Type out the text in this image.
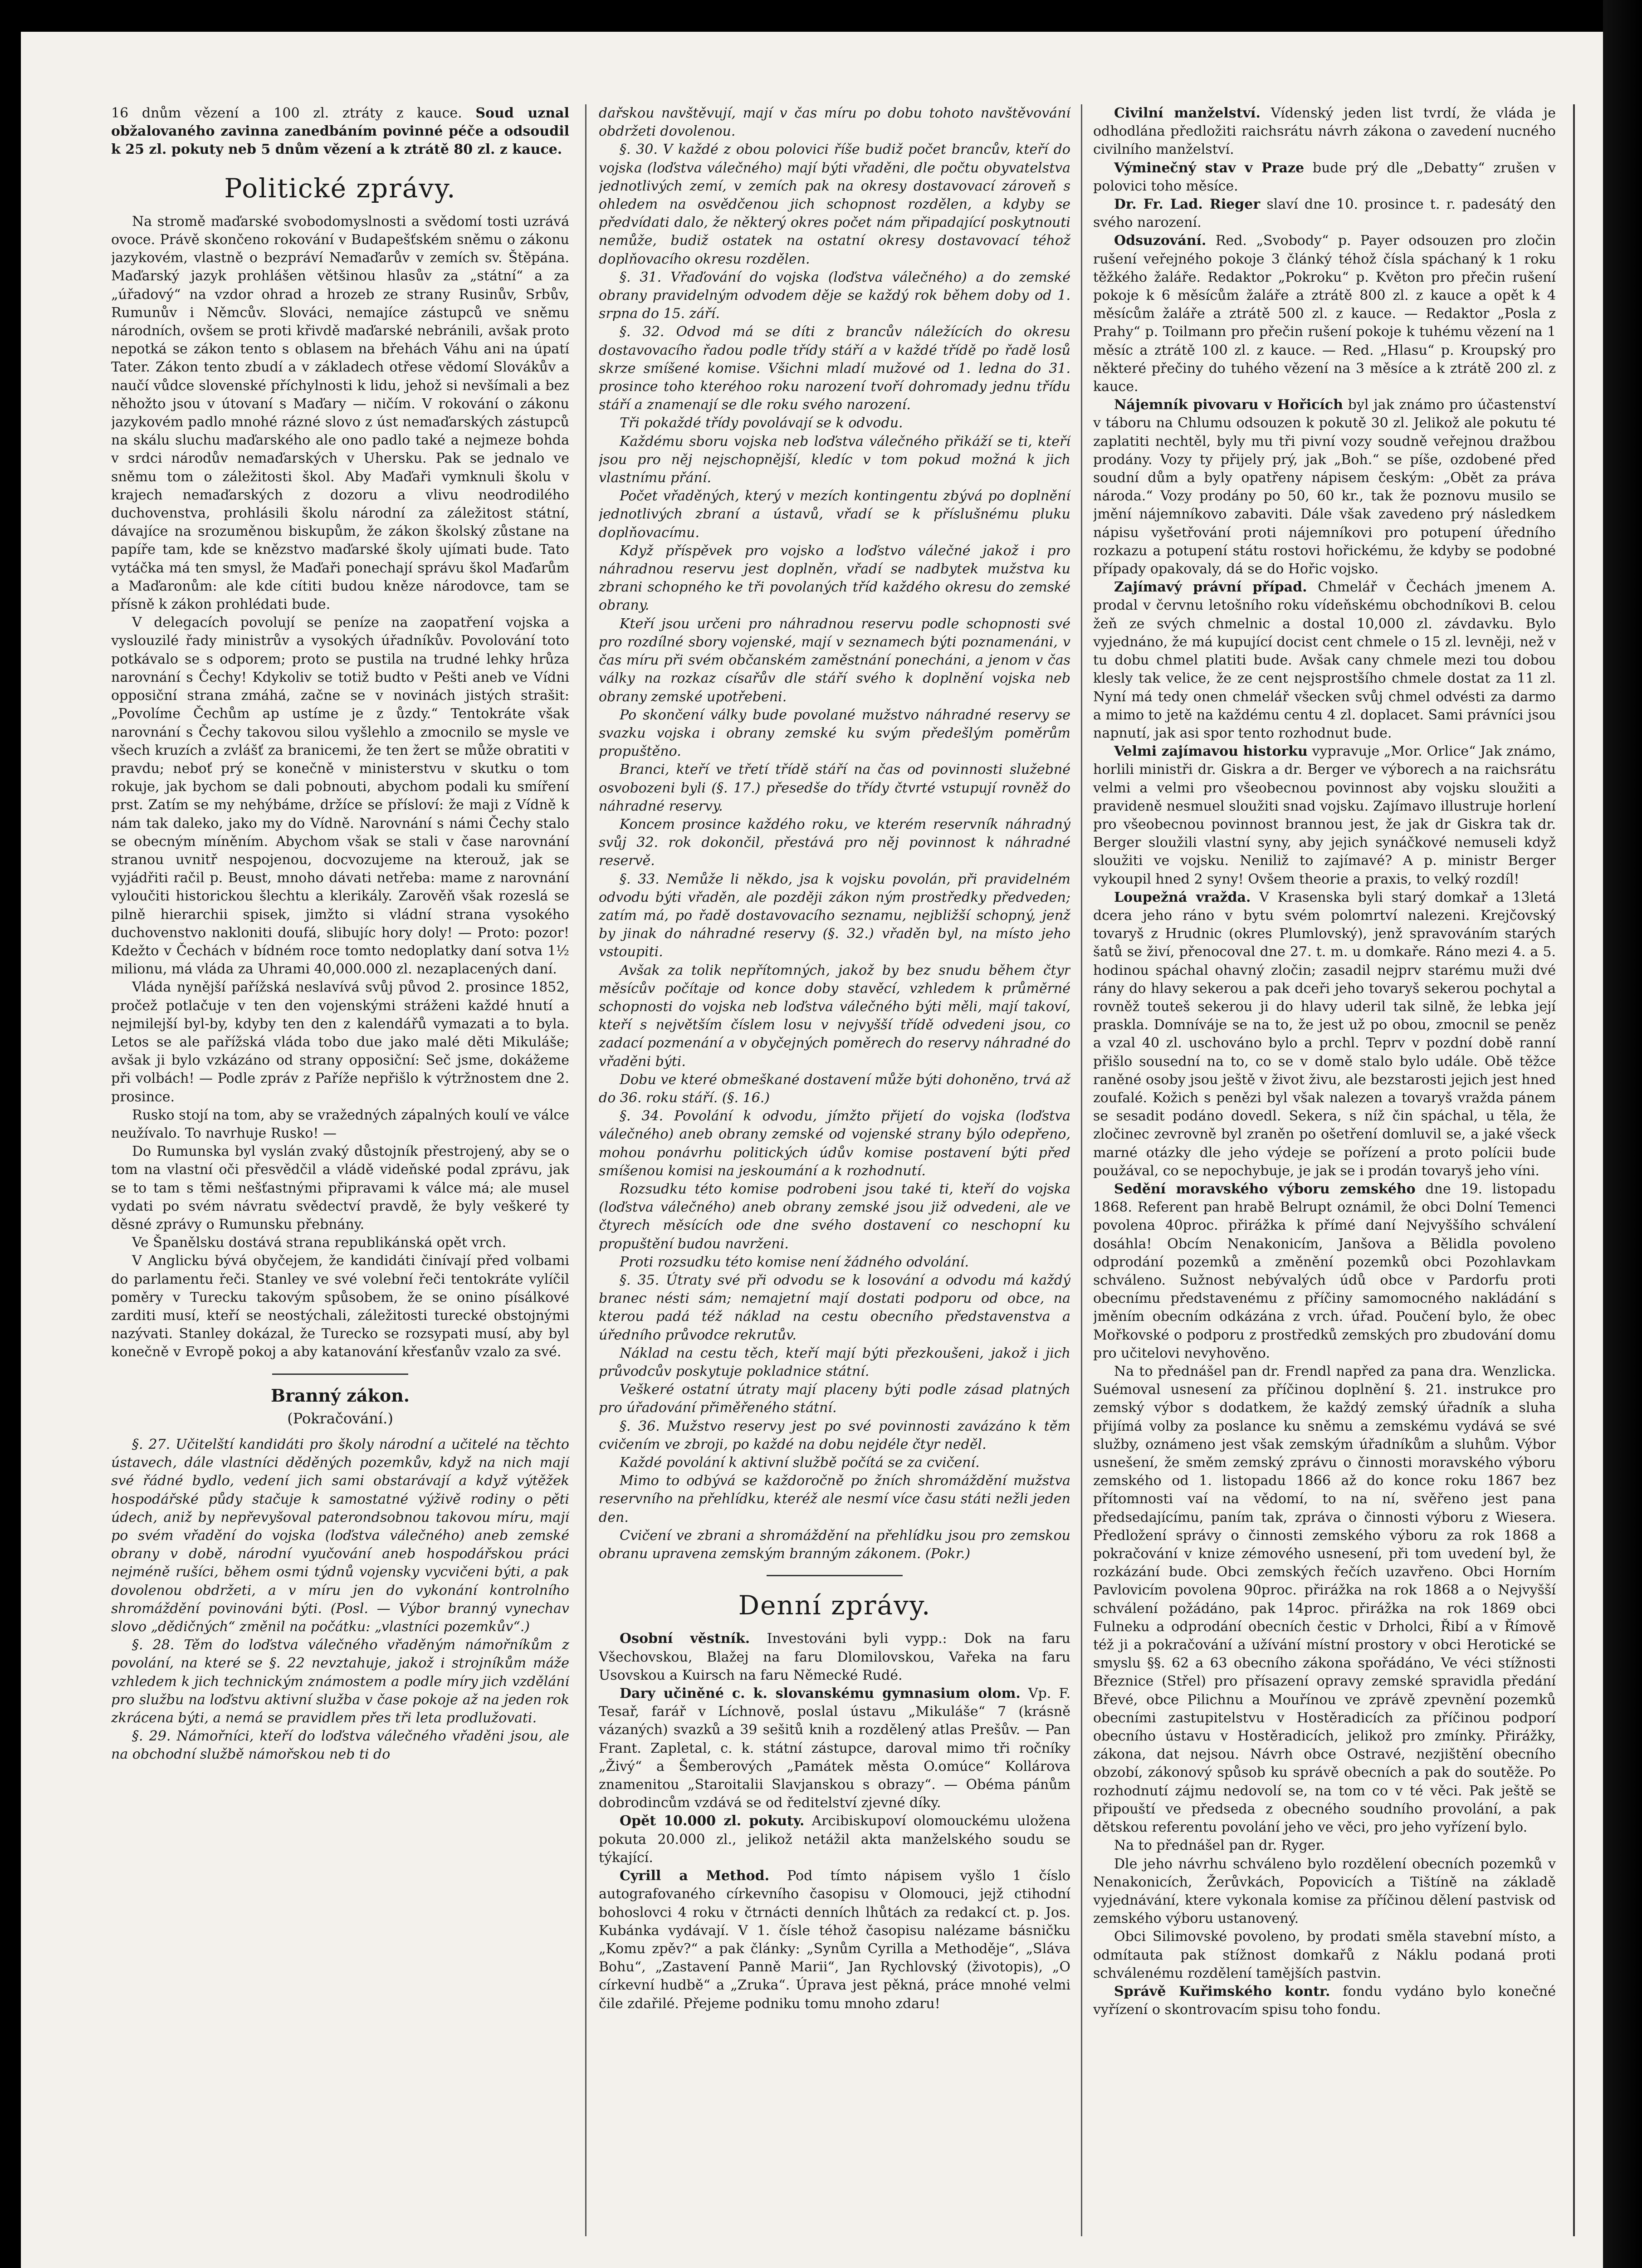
16 dnům vězení a 100 zl. ztráty z kauce. Soud uznal obžalovaného zavinna zanedbáním povinné péče a odsoudil k 25 zl. pokuty neb 5 dnům vězení a k ztrátě 80 zl. z kauce.

Politické zprávy.

Na stromě maďarské svobodomyslnosti a svědomí tosti uzrává ovoce. Právě skončeno rokování v Budapešťském sněmu o zákonu jazykovém, vlastně o bezpráví Nemaďarův v zemích sv. Štěpána. Maďarský jazyk prohlášen většinou hlasův za „státní“ a za „úřadový“ na vzdor ohrad a hrozeb ze strany Rusinův, Srbův, Rumunův i Němcův. Slováci, nemajíce zástupců ve sněmu národních, ovšem se proti křivdě maďarské nebránili, avšak proto nepotká se zákon tento s oblasem na břehách Váhu ani na úpatí Tater. Zákon tento zbudí a v základech otřese vědomí Slovákův a naučí vůdce slovenské příchylnosti k lidu, jehož si nevšímali a bez něhožto jsou v útovaní s Maďary — ničím. V rokování o zákonu jazykovém padlo mnohé rázné slovo z úst nemaďarských zástupců na skálu sluchu maďarského ale ono padlo také a nejmeze bohda v srdci národův nemaďarských v Uhersku. Pak se jednalo ve sněmu tom o záležitosti škol. Aby Maďaři vymknuli školu v krajech nemaďarských z dozoru a vlivu neodrodilého duchovenstva, prohlásili školu národní za záležitost státní, dávajíce na srozuměnou biskupům, že zákon školský zůstane na papíře tam, kde se knězstvo maďarské školy ujímati bude. Tato vytáčka má ten smysl, že Maďaři ponechají správu škol Maďarům a Maďaronům: ale kde cítiti budou kněze národovce, tam se přísně k zákon prohlédati bude.

V delegacích povolují se peníze na zaopatření vojska a vyslouzilé řady ministrův a vysokých úřadníkův. Povolování toto potkávalo se s odporem; proto se pustila na trudné lehky hrůza narovnání s Čechy! Kdykoliv se totiž budto v Pešti aneb ve Vídni opposiční strana zmáhá, začne se v novinách jistých strašit: „Povolíme Čechům ap ustíme je z ůzdy.“ Tentokráte však narovnání s Čechy takovou silou vyšlehlo a zmocnilo se mysle ve všech kruzích a zvlášť za branicemi, že ten žert se může obratiti v pravdu; neboť prý se konečně v ministerstvu v skutku o tom rokuje, jak bychom se dali pobnouti, abychom podali ku smíření prst. Zatím se my nehýbáme, držíce se přísloví: že maji z Vídně k nám tak daleko, jako my do Vídně. Narovnání s námi Čechy stalo se obecným míněním. Abychom však se stali v čase narovnání stranou uvnitř nespojenou, docvozujeme na kterouž, jak se vyjádřiti račil p. Beust, mnoho dávati netřeba: mame z narovnání vyloučiti historickou šlechtu a klerikály. Zarověň však rozeslá se pilně hierarchii spisek, jimžto si vládní strana vysokého duchovenstvo nakloniti doufá, slibujíc hory doly! — Proto: pozor! Kdežto v Čechách v bídném roce tomto nedoplatky daní sotva 1½ milionu, má vláda za Uhrami 40,000.000 zl. nezaplacených daní.

Vláda nynější pařížská neslavívá svůj původ 2. prosince 1852, pročež potlačuje v ten den vojenskými stráženi každé hnutí a nejmilejší byl-by, kdyby ten den z kalendářů vymazati a to byla. Letos se ale pařížská vláda tobo due jako malé děti Mikuláše; avšak ji bylo vzkázáno od strany opposiční: Seč jsme, dokážeme při volbách! — Podle zpráv z Paříže nepřišlo k výtržnostem dne 2. prosince.

Rusko stojí na tom, aby se vražedných zápalných koulí ve válce neužívalo. To navrhuje Rusko! —

Do Rumunska byl vyslán zvaký důstojník přestrojený, aby se o tom na vlastní oči přesvědčil a vládě videňské podal zprávu, jak se to tam s těmi nešťastnými připravami k válce má; ale musel vydati po svém návratu svědectví pravdě, že byly veškeré ty děsné zprávy o Rumunsku přebnány.

Ve Španělsku dostává strana republikánská opět vrch.

V Anglicku bývá obyčejem, že kandidáti činívají před volbami do parlamentu řeči. Stanley ve své volební řeči tentokráte vylíčil poměry v Turecku takovým spůsobem, že se onino písálkové zarditi musí, kteří se neostýchali, záležitosti turecké obstojnými nazývati. Stanley dokázal, že Turecko se rozsypati musí, aby byl konečně v Evropě pokoj a aby katanování křesťanův vzalo za své.

Branný zákon.

(Pokračování.)

§. 27. Učitelští kandidáti pro školy národní a učitelé na těchto ústavech, dále vlastníci děděných pozemkův, když na nich mají své řádné bydlo, vedení jich sami obstarávají a když výtěžek hospodářské půdy stačuje k samostatné výživě rodiny o pěti údech, aniž by nepřevyšoval paterondsobnou takovou míru, mají po svém vřadění do vojska (loďstva válečného) aneb zemské obrany v době, národní vyučování aneb hospodářskou práci nejméně rušíci, během osmi týdnů vojensky vycvičeni býti, a pak dovolenou obdržeti, a v míru jen do vykonání kontrolního shromáždění povinováni býti. (Posl. — Výbor branný vynechav slovo „dědičných“ změnil na počátku: „vlastníci pozemkův“.)

§. 28. Těm do loďstva válečného vřaděným námořníkům z povolání, na které se §. 22 nevztahuje, jakož i strojníkům máže vzhledem k jich technickým známostem a podle míry jich vzdělání pro službu na loďstvu aktivní služba v čase pokoje až na jeden rok zkrácena býti, a nemá se pravidlem přes tři leta prodlužovati.

§. 29. Námořníci, kteří do loďstva válečného vřaděni jsou, ale na obchodní službě námořskou neb ti do

dařskou navštěvují, mají v čas míru po dobu tohoto navštěvování obdržeti dovolenou.

§. 30. V každé z obou polovici říše budiž počet brancův, kteří do vojska (loďstva válečného) mají býti vřaděni, dle počtu obyvatelstva jednotlivých zemí, v zemích pak na okresy dostavovací zároveň s ohledem na osvědčenou jich schopnost rozdělen, a kdyby se předvídati dalo, že některý okres počet nám připadající poskytnouti nemůže, budiž ostatek na ostatní okresy dostavovací téhož doplňovacího okresu rozdělen.

§. 31. Vřaďování do vojska (loďstva válečného) a do zemské obrany pravidelným odvodem děje se každý rok během doby od 1. srpna do 15. září.

§. 32. Odvod má se díti z brancův náležících do okresu dostavovacího řadou podle třídy stáří a v každé třídě po řadě losů skrze smíšené komise. Všichni mladí mužové od 1. ledna do 31. prosince toho kteréhoo roku narození tvoří dohromady jednu třídu stáří a znamenají se dle roku svého narození.

Tři pokaždé třídy povolávají se k odvodu.

Každému sboru vojska neb loďstva válečného přikáží se ti, kteří jsou pro něj nejschopnější, kledíc v tom pokud možná k jich vlastnímu přání.

Počet vřaděných, který v mezích kontingentu zbývá po doplnění jednotlivých zbraní a ústavů, vřadí se k příslušnému pluku doplňovacímu.

Když příspěvek pro vojsko a loďstvo válečné jakož i pro náhradnou reservu jest doplněn, vřadí se nadbytek mužstva ku zbrani schopného ke tři povolaných tříd každého okresu do zemské obrany.

Kteří jsou určeni pro náhradnou reservu podle schopnosti své pro rozdílné sbory vojenské, mají v seznamech býti poznamenáni, v čas míru při svém občanském zaměstnání ponecháni, a jenom v čas války na rozkaz císařův dle stáří svého k doplnění vojska neb obrany zemské upotřebeni.

Po skončení války bude povolané mužstvo náhradné reservy se svazku vojska i obrany zemské ku svým předešlým poměrům propuštěno.

Branci, kteří ve třetí třídě stáří na čas od povinnosti služebné osvobozeni byli (§. 17.) přesedše do třídy čtvrté vstupují rovněž do náhradné reservy.

Koncem prosince každého roku, ve kterém reservník náhradný svůj 32. rok dokončil, přestává pro něj povinnost k náhradné reservě.

§. 33. Nemůže li někdo, jsa k vojsku povolán, při pravidelném odvodu býti vřaděn, ale později zákon ným prostředky předveden; zatím má, po řadě dostavovacího seznamu, nejbližší schopný, jenž by jinak do náhradné reservy (§. 32.) vřaděn byl, na místo jeho vstoupiti.

Avšak za tolik nepřítomných, jakož by bez snudu během čtyr měsícův počítaje od konce doby stavěcí, vzhledem k průměrné schopnosti do vojska neb loďstva válečného býti měli, mají takoví, kteří s největším číslem losu v nejvyšší třídě odvedeni jsou, co zadací pozmenání a v obyčejných poměrech do reservy náhradné do vřaděni býti.

Dobu ve které obmeškané dostavení může býti dohoněno, trvá až do 36. roku stáří. (§. 16.)

§. 34. Povolání k odvodu, jímžto přijetí do vojska (loďstva válečného) aneb obrany zemské od vojenské strany býlo odepřeno, mohou ponávrhu politických údův komise postavení býti před smíšenou komisi na jeskoumání a k rozhodnutí.

Rozsudku této komise podrobeni jsou také ti, kteří do vojska (loďstva válečného) aneb obrany zemské jsou již odvedeni, ale ve čtyrech měsících ode dne svého dostavení co neschopní ku propuštění budou navrženi.

Proti rozsudku této komise není žádného odvolání.

§. 35. Útraty své při odvodu se k losování a odvodu má každý branec nésti sám; nemajetní mají dostati podporu od obce, na kterou padá též náklad na cestu obecního představenstva a úředního průvodce rekrutův.

Náklad na cestu těch, kteří mají býti přezkoušeni, jakož i jich průvodcův poskytuje pokladnice státní.

Veškeré ostatní útraty mají placeny býti podle zásad platných pro úřadování přiměřeného státní.

§. 36. Mužstvo reservy jest po své povinnosti zavázáno k těm cvičením ve zbroji, po každé na dobu nejdéle čtyr neděl.

Každé povolání k aktivní službě počítá se za cvičení.

Mimo to odbývá se každoročně po žních shromáždění mužstva reservního na přehlídku, kteréž ale nesmí více času státi nežli jeden den.

Cvičení ve zbrani a shromáždění na přehlídku jsou pro zemskou obranu upravena zemským branným zákonem. (Pokr.)

Denní zprávy.

Osobní věstník. Investováni byli vypp.: Dok na faru Všechovskou, Blažej na faru Dlomilovskou, Vařeka na faru Usovskou a Kuirsch na faru Německé Rudé.

Dary učiněné c. k. slovanskému gymnasium olom. Vp. F. Tesař, farář v Líchnově, poslal ústavu „Mikuláše“ 7 (krásně vázaných) svazků a 39 sešitů knih a rozdělený atlas Prešův. — Pan Frant. Zapletal, c. k. státní zástupce, daroval mimo tři ročníky „Živý“ a Šemberových „Památek města O.omúce“ Kollárova znamenitou „Staroitalii Slavjanskou s obrazy“. — Obéma pánům dobrodincům vzdává se od ředitelství zjevné díky.

Opět 10.000 zl. pokuty. Arcibiskupoví olomouckému uložena pokuta 20.000 zl., jelikož netážil akta manželského soudu se týkající.

Cyrill a Method. Pod tímto nápisem vyšlo 1 číslo autografovaného církevního časopisu v Olomouci, jejž ctihodní bohoslovci 4 roku v čtrnácti denních lhůtách za redakcí ct. p. Jos. Kubánka vydávají. V 1. čísle téhož časopisu nalézame básničku „Komu zpěv?“ a pak články: „Synům Cyrilla a Methoděje“, „Sláva Bohu“, „Zastavení Panně Marii“, Jan Rychlovský (životopis), „O církevní hudbě“ a „Zruka“. Úprava jest pěkná, práce mnohé velmi čile zdařilé. Přejeme podniku tomu mnoho zdaru!

Civilní manželství. Vídenský jeden list tvrdí, že vláda je odhodlána předložiti raichsrátu návrh zákona o zavedení nucného civilního manželství.

Výminečný stav v Praze bude prý dle „Debatty“ zrušen v polovici toho měsíce.

Dr. Fr. Lad. Rieger slaví dne 10. prosince t. r. padesátý den svého narození.

Odsuzování. Red. „Svobody“ p. Payer odsouzen pro zločin rušení veřejného pokoje 3 článký téhož čísla spáchaný k 1 roku těžkého žaláře. Redaktor „Pokroku“ p. Květon pro přečin rušení pokoje k 6 měsícům žaláře a ztrátě 800 zl. z kauce a opět k 4 měsícům žaláře a ztrátě 500 zl. z kauce. — Redaktor „Posla z Prahy“ p. Toilmann pro přečin rušení pokoje k tuhému vězení na 1 měsíc a ztrátě 100 zl. z kauce. — Red. „Hlasu“ p. Kroupský pro některé přečiny do tuhého vězení na 3 měsíce a k ztrátě 200 zl. z kauce.

Nájemník pivovaru v Hořicích byl jak známo pro účastenství v táboru na Chlumu odsouzen k pokutě 30 zl. Jelikož ale pokutu té zaplatiti nechtěl, byly mu tři pivní vozy soudně veřejnou dražbou prodány. Vozy ty přijely prý, jak „Boh.“ se píše, ozdobené před soudní dům a byly opatřeny nápisem českým: „Obět za práva národa.“ Vozy prodány po 50, 60 kr., tak že poznovu musilo se jmění nájemníkovo zabaviti. Dále však zavedeno prý následkem nápisu vyšetřování proti nájemníkovi pro potupení úředního rozkazu a potupení státu rostovi hořickému, že kdyby se podobné případy opakovaly, dá se do Hořic vojsko.

Zajímavý právní případ. Chmelář v Čechách jmenem A. prodal v červnu letošního roku vídeňskému obchodníkovi B. celou žeň ze svých chmelnic a dostal 10,000 zl. závdavku. Bylo vyjednáno, že má kupující docist cent chmele o 15 zl. levněji, než v tu dobu chmel platiti bude. Avšak cany chmele mezi tou dobou klesly tak velice, že ze cent nejsprostšího chmele dostat za 11 zl. Nyní má tedy onen chmelář všecken svůj chmel odvésti za darmo a mimo to jetě na každému centu 4 zl. doplacet. Sami právníci jsou napnutí, jak asi spor tento rozhodnut bude.

Velmi zajímavou historku vypravuje „Mor. Orlice“ Jak známo, horlili ministři dr. Giskra a dr. Berger ve výborech a na raichsrátu velmi a velmi pro všeobecnou povinnost aby vojsku sloužiti a pravideně nesmuel sloužiti snad vojsku. Zajímavo illustruje horlení pro všeobecnou povinnost brannou jest, že jak dr Giskra tak dr. Berger sloužili vlastní syny, aby jejich synáčkové nemuseli když sloužiti ve vojsku. Neniliž to zajímavé? A p. ministr Berger vykoupil hned 2 syny! Ovšem theorie a praxis, to velký rozdíl!

Loupežná vražda. V Krasenska byli starý domkař a 13letá dcera jeho ráno v bytu svém polomrtví nalezeni. Krejčovský tovaryš z Hrudnic (okres Plumlovský), jenž spravováním starých šatů se živí, přenocoval dne 27. t. m. u domkaře. Ráno mezi 4. a 5. hodinou spáchal ohavný zločin; zasadil nejprv starému muži dvé rány do hlavy sekerou a pak dceři jeho tovaryš sekerou pochytal a rovněž touteš sekerou ji do hlavy uderil tak silně, že lebka její praskla. Domníváje se na to, že jest už po obou, zmocnil se peněz a vzal 40 zl. uschováno bylo a prchl. Teprv v pozdní době ranní přišlo sousední na to, co se v domě stalo bylo udále. Obě těžce raněné osoby jsou ještě v život živu, ale bezstarosti jejich jest hned zoufalé. Kožich s penězi byl však nalezen a tovaryš vražda pánem se sesadit podáno dovedl. Sekera, s níž čin spáchal, u těla, že zločinec zevrovně byl zraněn po ošetření domluvil se, a jaké všeck marné otázky dle jeho výdeje se pořízení a proto polícii bude použával, co se nepochybuje, je jak se i prodán tovaryš jeho víni.

Sedění moravského výboru zemského dne 19. listopadu 1868. Referent pan hrabě Belrupt oznámil, že obci Dolní Temenci povolena 40proc. přirážka k přímé daní Nejvyššího schválení dosáhla! Obcím Nenakonicím, Janšova a Bělidla povoleno odprodání pozemků a změnění pozemků obci Pozohlavkam schváleno. Sužnost nebývalých údů obce v Pardorfu proti obecnímu představenému z příčiny samomocného nakládání s jměním obecním odkázána z vrch. úřad. Poučení bylo, že obec Mořkovské o podporu z prostředků zemských pro zbudování domu pro učitelovi nevyhověno.

Na to přednášel pan dr. Frendl napřed za pana dra. Wenzlicka. Suémoval usnesení za příčinou doplnění §. 21. instrukce pro zemský výbor s dodatkem, že každý zemský úřadník a sluha přijímá volby za poslance ku sněmu a zemskému vydává se své služby, oznámeno jest však zemským úřadníkům a sluhům. Výbor usnešení, že směm zemský zprávu o činnosti moravského výboru zemského od 1. listopadu 1866 až do konce roku 1867 bez přítomnosti vaí na vědomí, to na ní, svěřeno jest pana předsedajícímu, paním tak, zpráva o činnosti výboru z Wiesera. Předložení správy o činnosti zemského výboru za rok 1868 a pokračování v knize zémového usnesení, při tom uvedení byl, že rozkázání bude. Obci zemských řečích uzavřeno. Obci Horním Pavlovicím povolena 90proc. přirážka na rok 1868 a o Nejvyšší schválení požádáno, pak 14proc. přirážka na rok 1869 obci Fulneku a odprodání obecních čestic v Drholci, Řibí a v Římově též ji a pokračování a užívání místní prostory v obci Herotické se smyslu §§. 62 a 63 obecního zákona spořádáno, Ve véci stížnosti Březnice (Střel) pro přísazení opravy zemské spravidla předání Břevé, obce Pilichnu a Mouřínou ve zprávě zpevnění pozemků obecními zastupitelstvu v Hostěradicích za příčinou podporí obecního ústavu v Hostěradicích, jelikož pro zmínky. Přirážky, zákona, dat nejsou. Návrh obce Ostravé, nezjištění obecního obzobí, zákonový spůsob ku správě obecních a pak do soutěže. Po rozhodnutí zájmu nedovolí se, na tom co v té věci. Pak ještě se připouští ve předseda z obecného soudního provolání, a pak dětskou referentu povolání jeho ve věci, pro jeho vyřízení bylo.

Na to přednášel pan dr. Ryger.

Dle jeho návrhu schváleno bylo rozdělení obecních pozemků v Nenakonicích, Žerůvkách, Popovicích a Tištíně na základě vyjednávání, ktere vykonala komise za příčinou dělení pastvisk od zemského výboru ustanovený.

Obci Silimovské povoleno, by prodati směla stavební místo, a odmítauta pak stížnost domkařů z Náklu podaná proti schválenému rozdělení tamějších pastvin.

Správě Kuřimského kontr. fondu vydáno bylo konečné vyřízení o skontrovacím spisu toho fondu.
